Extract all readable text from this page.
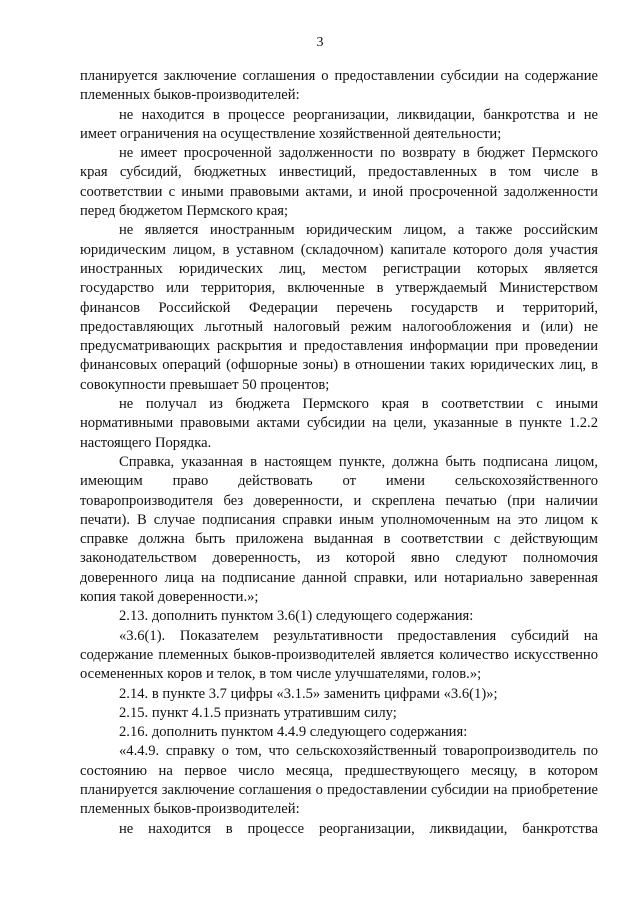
3

планируется заключение соглашения о предоставлении субсидии на содержание племенных быков-производителей:

не находится в процессе реорганизации, ликвидации, банкротства и не имеет ограничения на осуществление хозяйственной деятельности;

не имеет просроченной задолженности по возврату в бюджет Пермского края субсидий, бюджетных инвестиций, предоставленных в том числе в соответствии с иными правовыми актами, и иной просроченной задолженности перед бюджетом Пермского края;

не является иностранным юридическим лицом, а также российским юридическим лицом, в уставном (складочном) капитале которого доля участия иностранных юридических лиц, местом регистрации которых является государство или территория, включенные в утверждаемый Министерством финансов Российской Федерации перечень государств и территорий, предоставляющих льготный налоговый режим налогообложения и (или) не предусматривающих раскрытия и предоставления информации при проведении финансовых операций (офшорные зоны) в отношении таких юридических лиц, в совокупности превышает 50 процентов;

не получал из бюджета Пермского края в соответствии с иными нормативными правовыми актами субсидии на цели, указанные в пункте 1.2.2 настоящего Порядка.

Справка, указанная в настоящем пункте, должна быть подписана лицом, имеющим право действовать от имени сельскохозяйственного товаропроизводителя без доверенности, и скреплена печатью (при наличии печати). В случае подписания справки иным уполномоченным на это лицом к справке должна быть приложена выданная в соответствии с действующим законодательством доверенность, из которой явно следуют полномочия доверенного лица на подписание данной справки, или нотариально заверенная копия такой доверенности.»;

2.13. дополнить пунктом 3.6(1) следующего содержания:

«3.6(1). Показателем результативности предоставления субсидий на содержание племенных быков-производителей является количество искусственно осемененных коров и телок, в том числе улучшателями, голов.»;

2.14. в пункте 3.7 цифры «3.1.5» заменить цифрами «3.6(1)»;

2.15. пункт 4.1.5 признать утратившим силу;

2.16. дополнить пунктом 4.4.9 следующего содержания:

«4.4.9. справку о том, что сельскохозяйственный товаропроизводитель по состоянию на первое число месяца, предшествующего месяцу, в котором планируется заключение соглашения о предоставлении субсидии на приобретение племенных быков-производителей:

не находится в процессе реорганизации, ликвидации, банкротства
